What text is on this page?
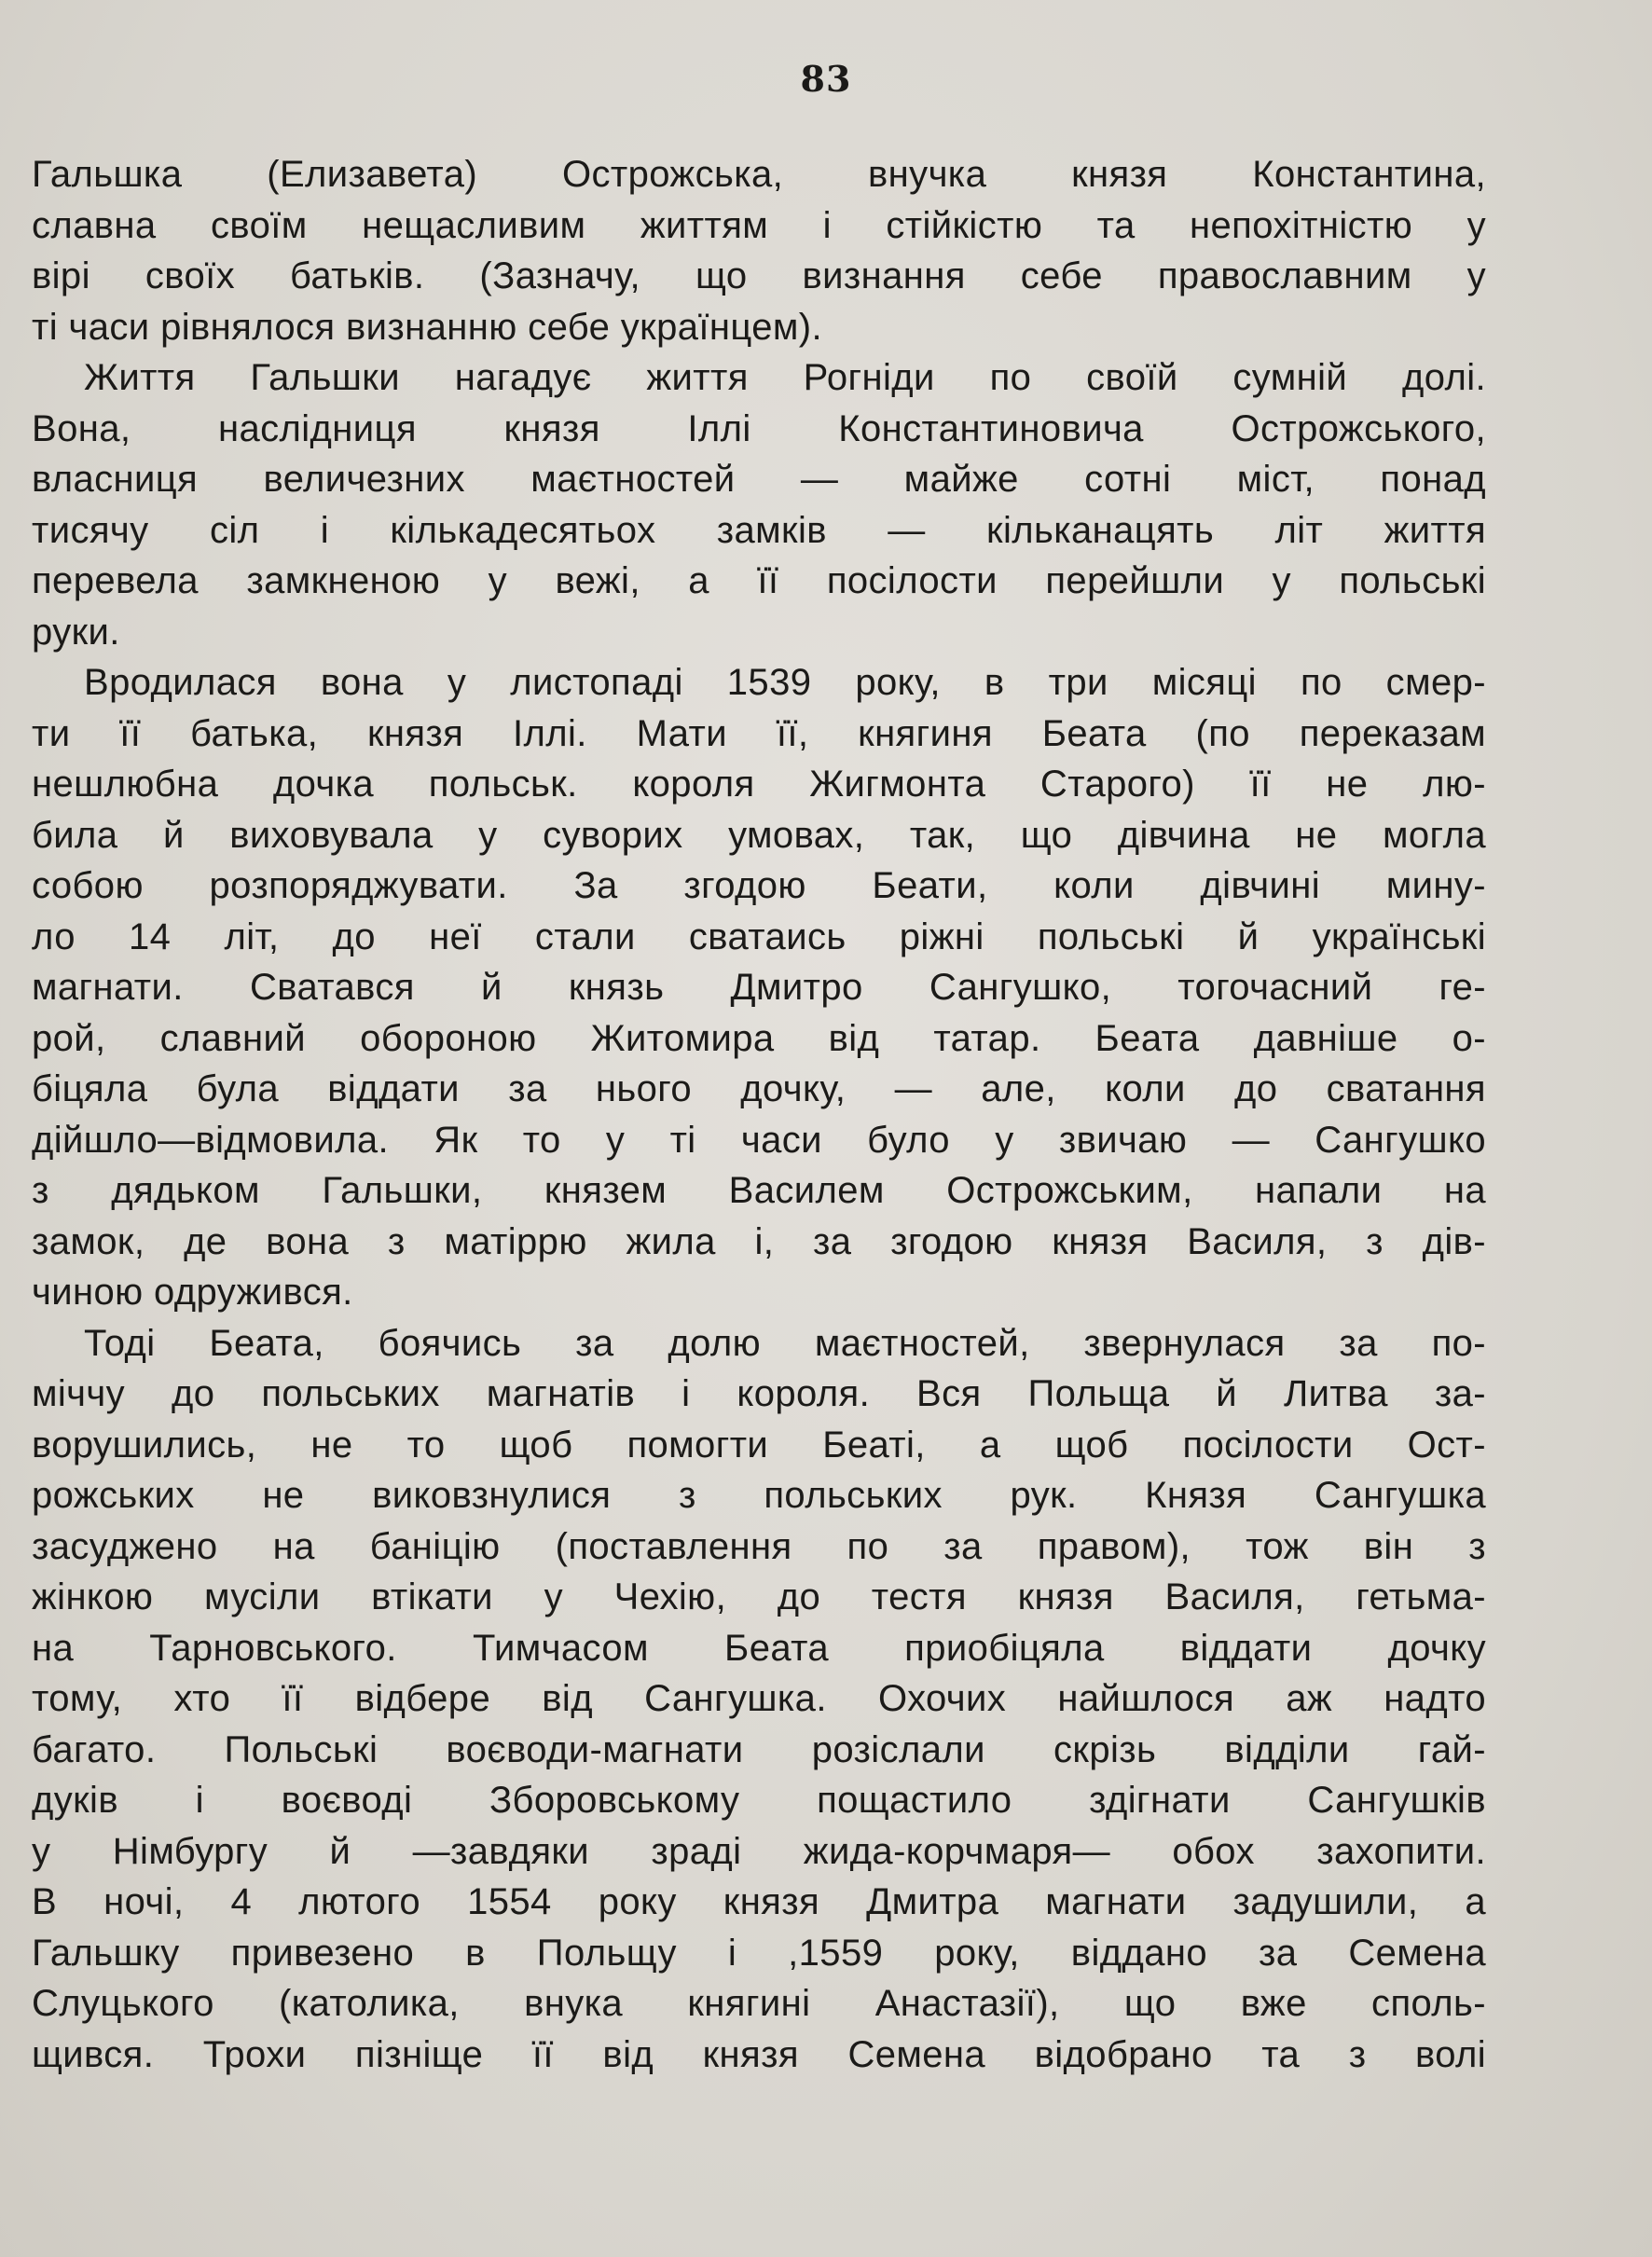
83
Гальшка (Елизавета) Острожська, внучка князя Константина,
славна своїм нещасливим життям і стійкістю та непохітністю у
вірі своїх батьків. (Зазначу, що визнання себе православним у
ті часи рівнялося визнанню себе українцем).
Життя Гальшки нагадує життя Рогніди по своїй сумній долі.
Вона, наслідниця князя Іллі Константиновича Острожського,
власниця величезних маєтностей — майже сотні міст, понад
тисячу сіл і кількадесятьох замків — кільканацять літ життя
перевела замкненою у вежі, а її посілости перейшли у польські
руки.
Вродилася вона у листопаді 1539 року, в три місяці по смер-
ти її батька, князя Іллі. Мати її, княгиня Беата (по переказам
нешлюбна дочка польськ. короля Жигмонта Старого) її не лю-
била й виховувала у суворих умовах, так, що дівчина не могла
собою розпоряджувати. За згодою Беати, коли дівчині мину-
ло 14 літ, до неї стали сватаись ріжні польські й українські
магнати. Сватався й князь Дмитро Сангушко, тогочасний ге-
рой, славний обороною Житомира від татар. Беата давніше о-
біцяла була віддати за нього дочку, — але, коли до сватання
дійшло—відмовила. Як то у ті часи було у звичаю — Сангушко
з дядьком Гальшки, князем Василем Острожським, напали на
замок, де вона з матіррю жила і, за згодою князя Василя, з дів-
чиною одружився.
Тоді Беата, боячись за долю маєтностей, звернулася за по-
міччу до польських магнатів і короля. Вся Польща й Литва за-
ворушились, не то щоб помогти Беаті, а щоб посілости Ост-
рожських не виковзнулися з польських рук. Князя Сангушка
засуджено на баніцію (поставлення по за правом), тож він з
жінкою мусіли втікати у Чехію, до тестя князя Василя, гетьма-
на Тарновського. Тимчасом Беата приобіцяла віддати дочку
тому, хто її відбере від Сангушка. Охочих найшлося аж надто
багато. Польські воєводи-магнати розіслали скрізь відділи гай-
дуків і воєводі Зборовському пощастило здігнати Сангушків
у Німбургу й —завдяки зраді жида-корчмаря— обох захопити.
В ночі, 4 лютого 1554 року князя Дмитра магнати задушили, а
Гальшку привезено в Польщу і ,1559 року, віддано за Семена
Слуцького (католика, внука княгині Анастазії), що вже споль-
щився. Трохи пізніще її від князя Семена відобрано та з волі
